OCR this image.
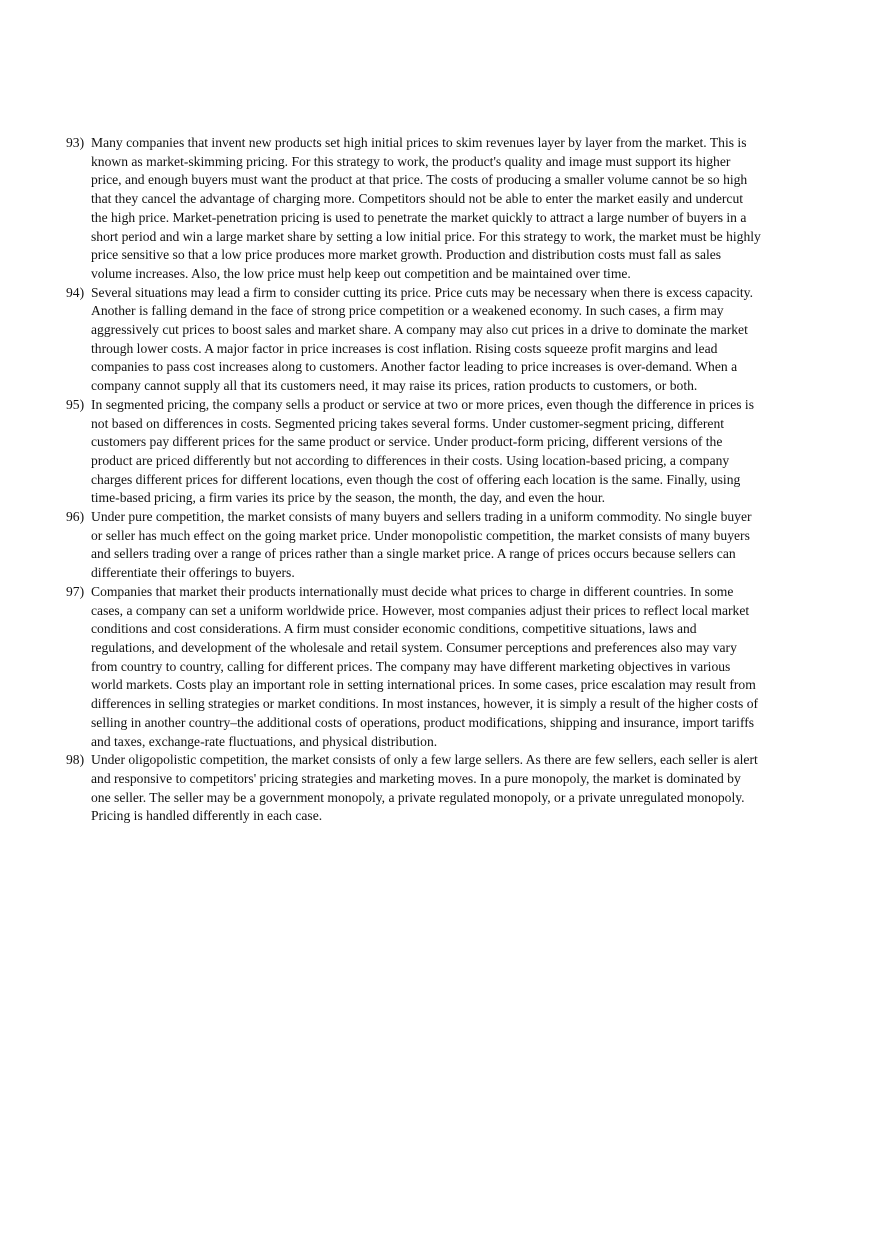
93) Many companies that invent new products set high initial prices to skim revenues layer by layer from the market. This is known as market-skimming pricing. For this strategy to work, the product's quality and image must support its higher price, and enough buyers must want the product at that price. The costs of producing a smaller volume cannot be so high that they cancel the advantage of charging more. Competitors should not be able to enter the market easily and undercut the high price. Market-penetration pricing is used to penetrate the market quickly to attract a large number of buyers in a short period and win a large market share by setting a low initial price. For this strategy to work, the market must be highly price sensitive so that a low price produces more market growth. Production and distribution costs must fall as sales volume increases. Also, the low price must help keep out competition and be maintained over time.

94) Several situations may lead a firm to consider cutting its price. Price cuts may be necessary when there is excess capacity. Another is falling demand in the face of strong price competition or a weakened economy. In such cases, a firm may aggressively cut prices to boost sales and market share. A company may also cut prices in a drive to dominate the market through lower costs. A major factor in price increases is cost inflation. Rising costs squeeze profit margins and lead companies to pass cost increases along to customers. Another factor leading to price increases is over-demand. When a company cannot supply all that its customers need, it may raise its prices, ration products to customers, or both.

95) In segmented pricing, the company sells a product or service at two or more prices, even though the difference in prices is not based on differences in costs. Segmented pricing takes several forms. Under customer-segment pricing, different customers pay different prices for the same product or service. Under product-form pricing, different versions of the product are priced differently but not according to differences in their costs. Using location-based pricing, a company charges different prices for different locations, even though the cost of offering each location is the same. Finally, using time-based pricing, a firm varies its price by the season, the month, the day, and even the hour.

96) Under pure competition, the market consists of many buyers and sellers trading in a uniform commodity. No single buyer or seller has much effect on the going market price. Under monopolistic competition, the market consists of many buyers and sellers trading over a range of prices rather than a single market price. A range of prices occurs because sellers can differentiate their offerings to buyers.

97) Companies that market their products internationally must decide what prices to charge in different countries. In some cases, a company can set a uniform worldwide price. However, most companies adjust their prices to reflect local market conditions and cost considerations. A firm must consider economic conditions, competitive situations, laws and regulations, and development of the wholesale and retail system. Consumer perceptions and preferences also may vary from country to country, calling for different prices. The company may have different marketing objectives in various world markets. Costs play an important role in setting international prices. In some cases, price escalation may result from differences in selling strategies or market conditions. In most instances, however, it is simply a result of the higher costs of selling in another country–the additional costs of operations, product modifications, shipping and insurance, import tariffs and taxes, exchange-rate fluctuations, and physical distribution.

98) Under oligopolistic competition, the market consists of only a few large sellers. As there are few sellers, each seller is alert and responsive to competitors' pricing strategies and marketing moves. In a pure monopoly, the market is dominated by one seller. The seller may be a government monopoly, a private regulated monopoly, or a private unregulated monopoly. Pricing is handled differently in each case.
